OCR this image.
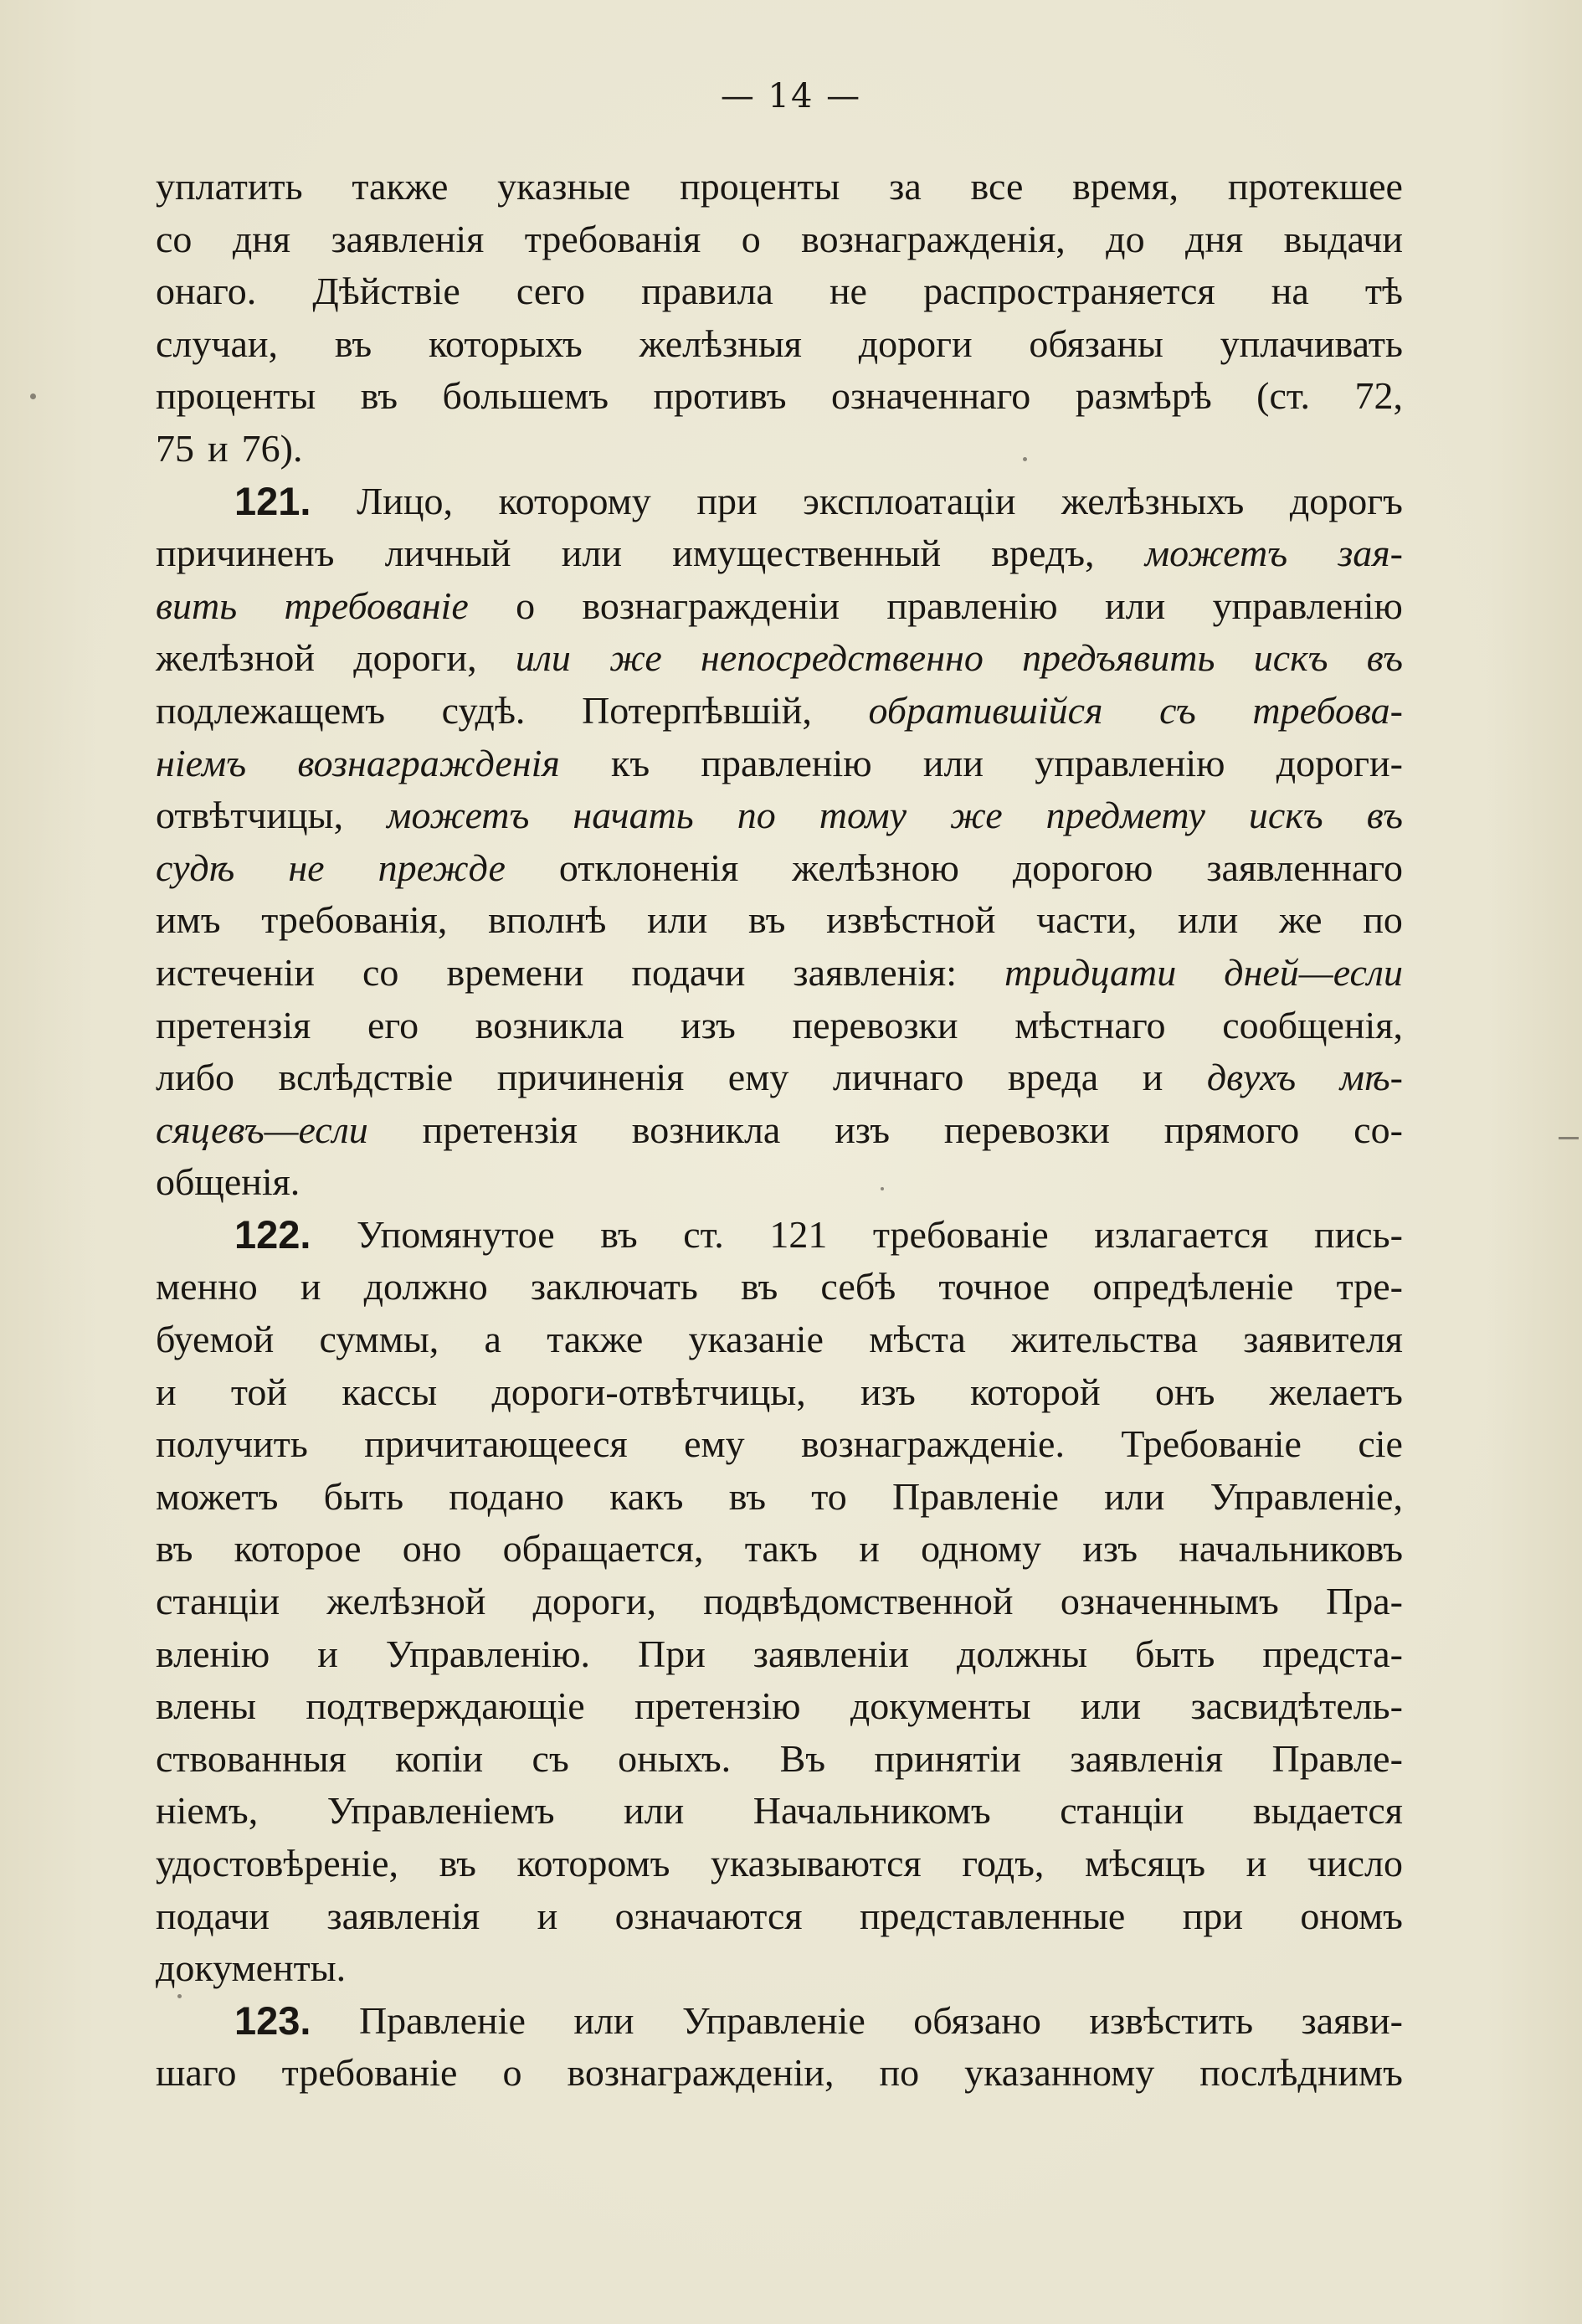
— 14 —
уплатить также указные проценты за все время, протекшее
со дня заявленія требованія о вознагражденія, до дня выдачи
онаго. Дѣйствіе сего правила не распространяется на тѣ
случаи, въ которыхъ желѣзныя дороги обязаны уплачивать
проценты въ большемъ противъ означеннаго размѣрѣ (ст. 72,
75 и 76).
121. Лицо, которому при эксплоатаціи желѣзныхъ дорогъ
причиненъ личный или имущественный вредъ, можетъ зая-
вить требованіе о вознагражденіи правленію или управленію
желѣзной дороги, или же непосредственно предъявить искъ въ
подлежащемъ судѣ. Потерпѣвшій, обратившійся съ требова-
ніемъ вознагражденія къ правленію или управленію дороги-
отвѣтчицы, можетъ начать по тому же предмету искъ въ
судѣ не прежде отклоненія желѣзною дорогою заявленнаго
имъ требованія, вполнѣ или въ извѣстной части, или же по
истеченіи со времени подачи заявленія: тридцати дней—если
претензія его возникла изъ перевозки мѣстнаго сообщенія,
либо вслѣдствіе причиненія ему личнаго вреда и двухъ мѣ-
сяцевъ—если претензія возникла изъ перевозки прямого со-
общенія.
122. Упомянутое въ ст. 121 требованіе излагается пись-
менно и должно заключать въ себѣ точное опредѣленіе тре-
буемой суммы, а также указаніе мѣста жительства заявителя
и той кассы дороги-отвѣтчицы, изъ которой онъ желаетъ
получить причитающееся ему вознагражденіе. Требованіе сіе
можетъ быть подано какъ въ то Правленіе или Управленіе,
въ которое оно обращается, такъ и одному изъ начальниковъ
станціи желѣзной дороги, подвѣдомственной означеннымъ Пра-
вленію и Управленію. При заявленіи должны быть предста-
влены подтверждающіе претензію документы или засвидѣтель-
ствованныя копіи съ оныхъ. Въ принятіи заявленія Правле-
ніемъ, Управленіемъ или Начальникомъ станціи выдается
удостовѣреніе, въ которомъ указываются годъ, мѣсяцъ и число
подачи заявленія и означаются представленные при ономъ
документы.
123. Правленіе или Управленіе обязано извѣстить заяви-
шаго требованіе о вознагражденіи, по указанному послѣднимъ
